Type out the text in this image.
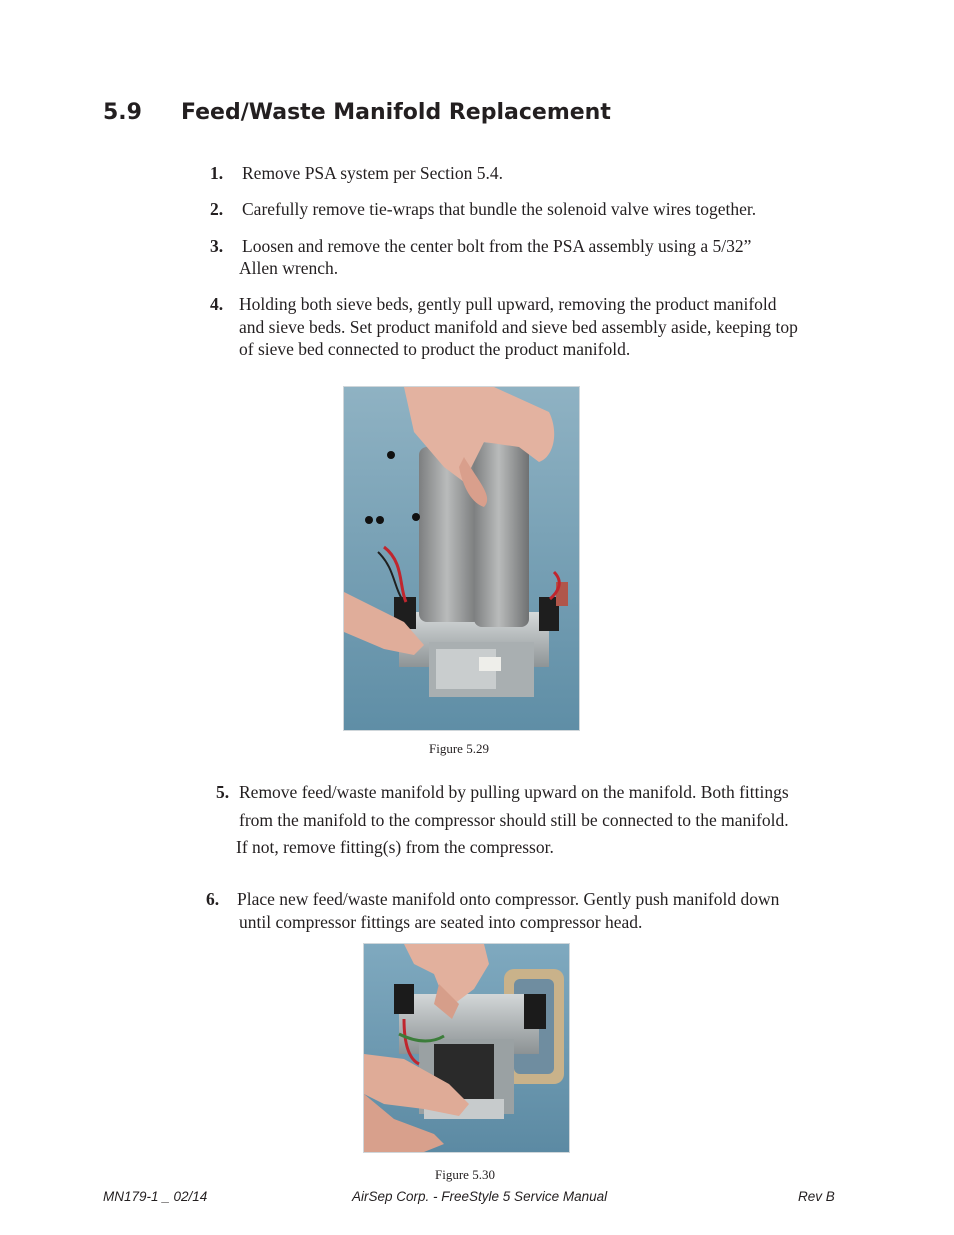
5.9 Feed/Waste Manifold Replacement
1. Remove PSA system per Section 5.4.
2. Carefully remove tie-wraps that bundle the solenoid valve wires together.
3. Loosen and remove the center bolt from the PSA assembly using a 5/32”
Allen wrench.
4. Holding both sieve beds, gently pull upward, removing the product manifold
and sieve beds. Set product manifold and sieve bed assembly aside, keeping top
of sieve bed connected to product the product manifold.
Figure 5.29
5. Remove feed/waste manifold by pulling upward on the manifold. Both fittings
from the manifold to the compressor should still be connected to the manifold.
If not, remove fitting(s) from the compressor.
6. Place new feed/waste manifold onto compressor. Gently push manifold down
until compressor fittings are seated into compressor head.
Figure 5.30
MN179-1 _ 02/14	AirSep Corp. - FreeStyle 5 Service Manual	Rev B
